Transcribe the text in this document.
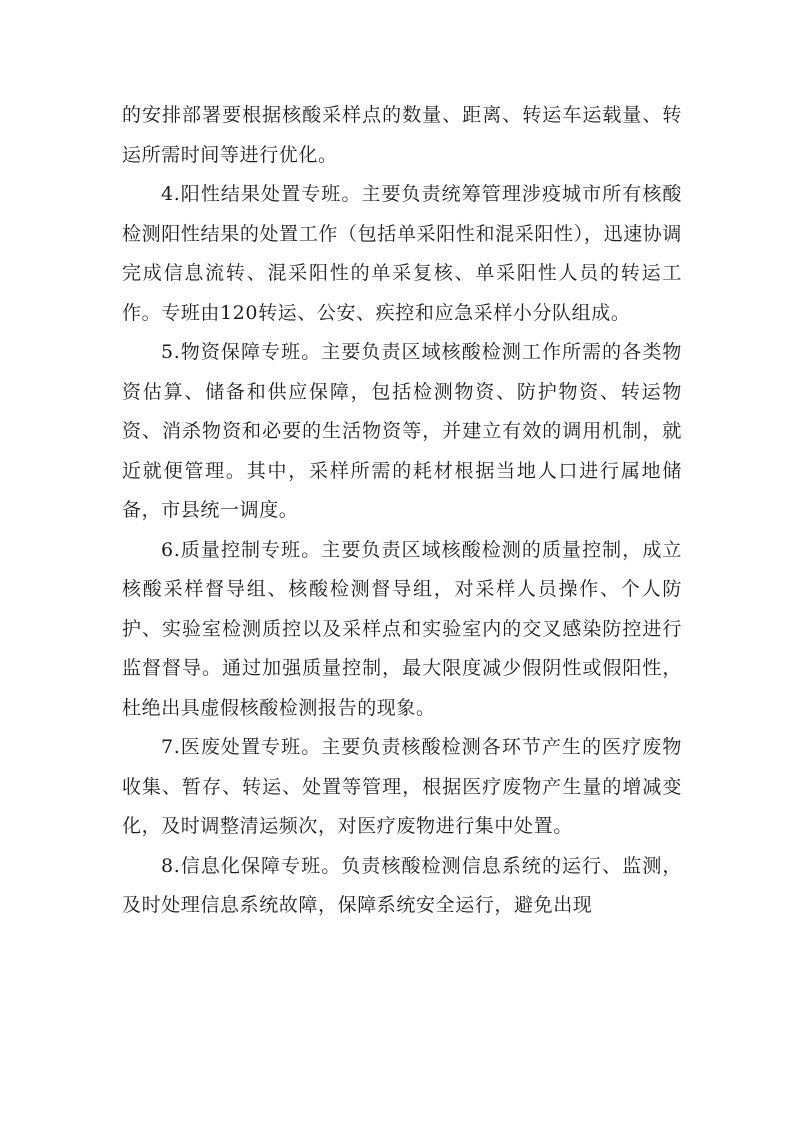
的安排部署要根据核酸采样点的数量、距离、转运车运载量、转运所需时间等进行优化。

4.阳性结果处置专班。主要负责统筹管理涉疫城市所有核酸检测阳性结果的处置工作（包括单采阳性和混采阳性），迅速协调完成信息流转、混采阳性的单采复核、单采阳性人员的转运工作。专班由120转运、公安、疾控和应急采样小分队组成。

5.物资保障专班。主要负责区域核酸检测工作所需的各类物资估算、储备和供应保障，包括检测物资、防护物资、转运物资、消杀物资和必要的生活物资等，并建立有效的调用机制，就近就便管理。其中，采样所需的耗材根据当地人口进行属地储备，市县统一调度。

6.质量控制专班。主要负责区域核酸检测的质量控制，成立核酸采样督导组、核酸检测督导组，对采样人员操作、个人防护、实验室检测质控以及采样点和实验室内的交叉感染防控进行监督督导。通过加强质量控制，最大限度减少假阴性或假阳性，杜绝出具虚假核酸检测报告的现象。

7.医废处置专班。主要负责核酸检测各环节产生的医疗废物收集、暂存、转运、处置等管理，根据医疗废物产生量的增减变化，及时调整清运频次，对医疗废物进行集中处置。

8.信息化保障专班。负责核酸检测信息系统的运行、监测，及时处理信息系统故障，保障系统安全运行，避免出现
